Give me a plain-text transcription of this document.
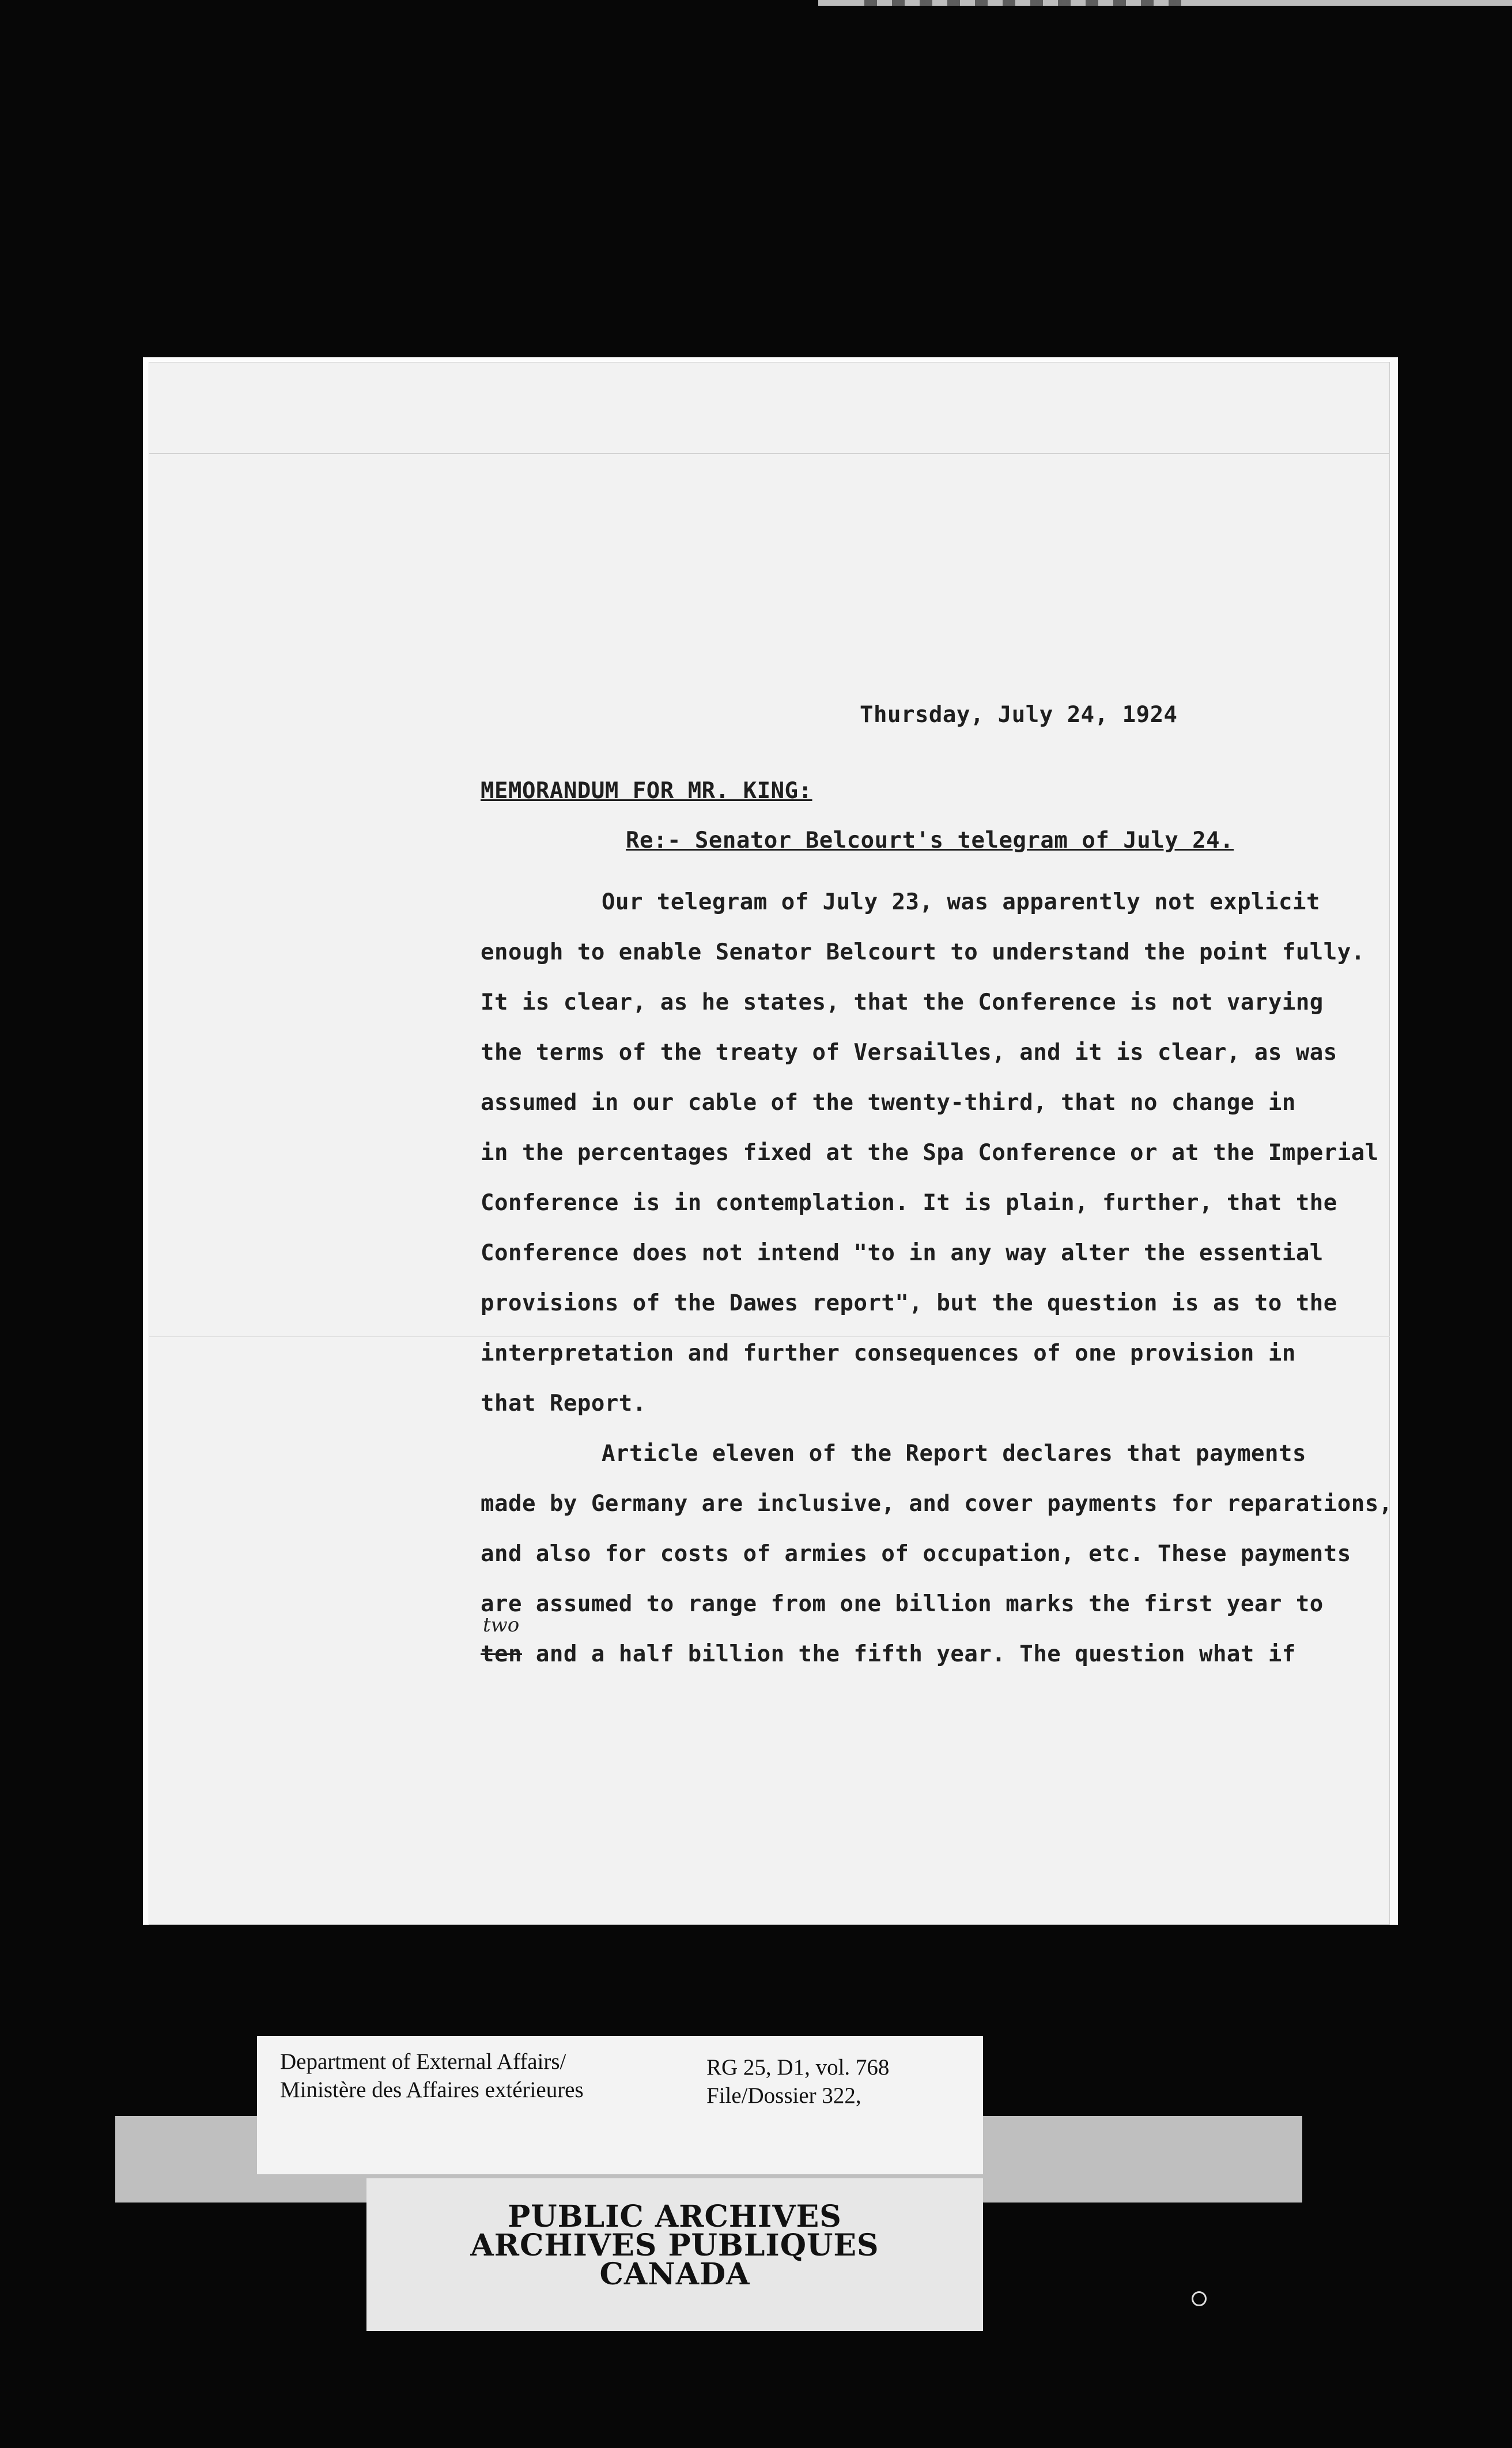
Thursday, July 24, 1924
MEMORANDUM FOR MR. KING:
Re:- Senator Belcourt's telegram of July 24.

Our telegram of July 23, was apparently not explicit
enough to enable Senator Belcourt to understand the point fully.
It is clear, as he states, that the Conference is not varying
the terms of the treaty of Versailles, and it is clear, as was
assumed in our cable of the twenty-third, that no change in
in the percentages fixed at the Spa Conference or at the Imperial
Conference is in contemplation. It is plain, further, that the
Conference does not intend "to in any way alter the essential
provisions of the Dawes report", but the question is as to the
interpretation and further consequences of one provision in
that Report.

Article eleven of the Report declares that payments
made by Germany are inclusive, and cover payments for reparations,
and also for costs of armies of occupation, etc. These payments
are assumed to range from one billion marks the first year to
ten and a half billion the fifth year. The question what if

two
Department of External Affairs/
Ministère des Affaires extérieures
RG 25, D1, vol. 768
File/Dossier 322,
PUBLIC ARCHIVES
ARCHIVES PUBLIQUES
CANADA
